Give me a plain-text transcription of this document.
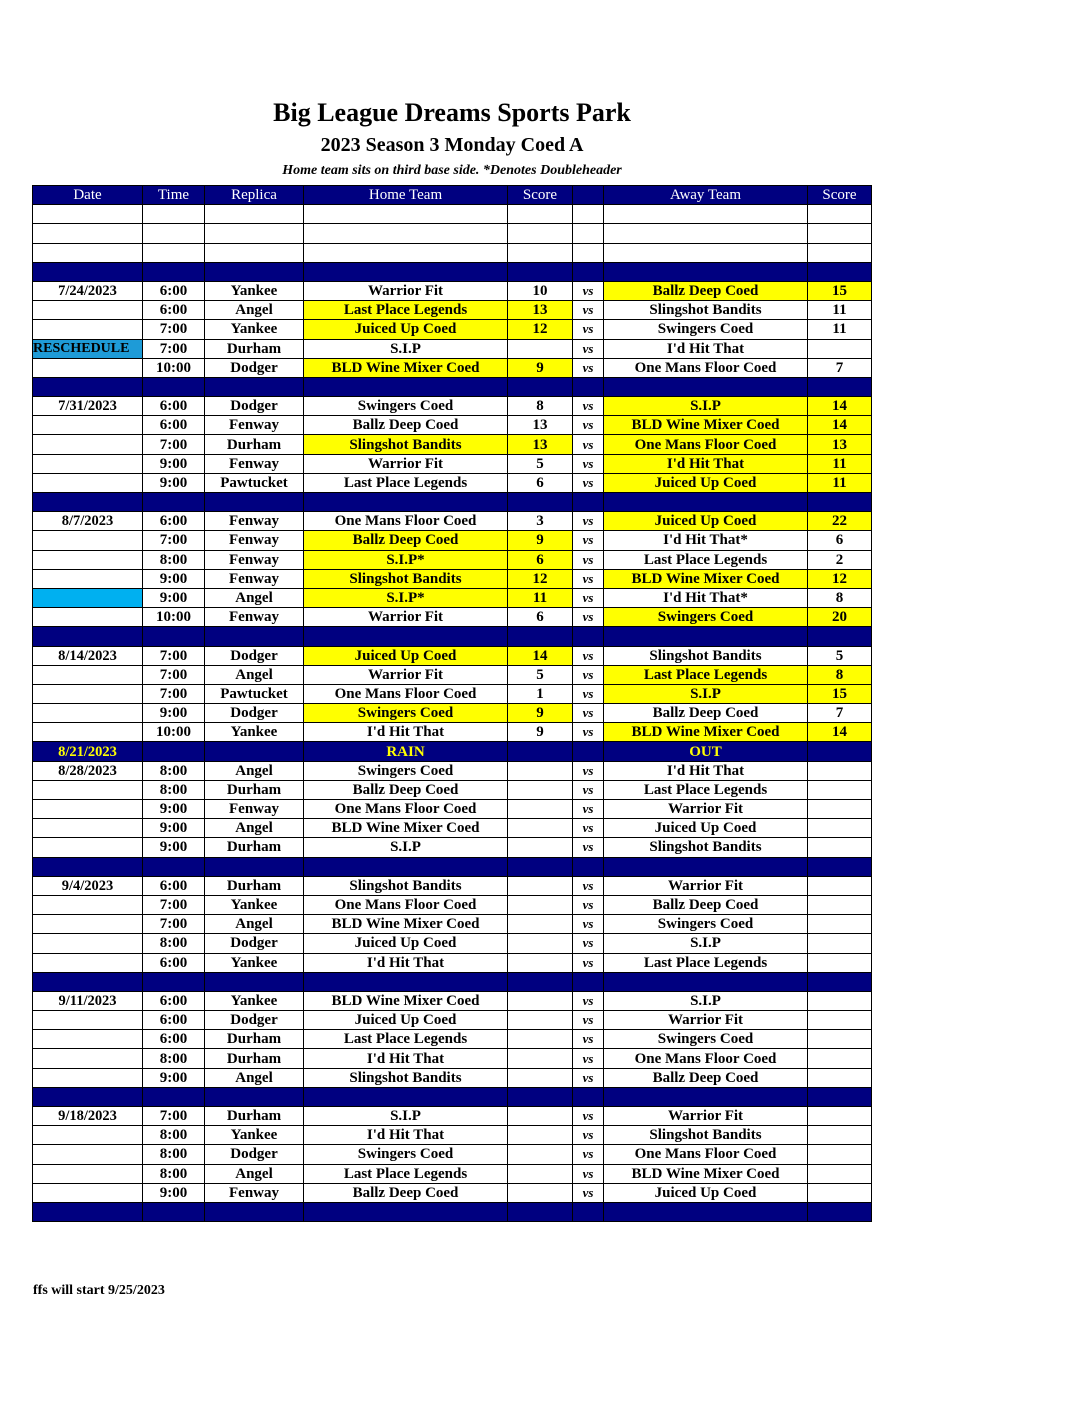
Big League Dreams Sports Park
2023 Season 3 Monday Coed A
Home team sits on third base side. *Denotes Doubleheader
Date	Time	Replica	Home Team	Score		Away Team	Score

7/24/2023	6:00	Yankee	Warrior Fit	10	vs	Ballz Deep Coed	15
	6:00	Angel	Last Place Legends	13	vs	Slingshot Bandits	11
	7:00	Yankee	Juiced Up Coed	12	vs	Swingers Coed	11
RESCHEDULE	7:00	Durham	S.I.P		vs	I'd Hit That	
	10:00	Dodger	BLD Wine Mixer Coed	9	vs	One Mans Floor Coed	7

7/31/2023	6:00	Dodger	Swingers Coed	8	vs	S.I.P	14
	6:00	Fenway	Ballz Deep Coed	13	vs	BLD Wine Mixer Coed	14
	7:00	Durham	Slingshot Bandits	13	vs	One Mans Floor Coed	13
	9:00	Fenway	Warrior Fit	5	vs	I'd Hit That	11
	9:00	Pawtucket	Last Place Legends	6	vs	Juiced Up Coed	11

8/7/2023	6:00	Fenway	One Mans Floor Coed	3	vs	Juiced Up Coed	22
	7:00	Fenway	Ballz Deep Coed	9	vs	I'd Hit That*	6
	8:00	Fenway	S.I.P*	6	vs	Last Place Legends	2
	9:00	Fenway	Slingshot Bandits	12	vs	BLD Wine Mixer Coed	12
	9:00	Angel	S.I.P*	11	vs	I'd Hit That*	8
	10:00	Fenway	Warrior Fit	6	vs	Swingers Coed	20

8/14/2023	7:00	Dodger	Juiced Up Coed	14	vs	Slingshot Bandits	5
	7:00	Angel	Warrior Fit	5	vs	Last Place Legends	8
	7:00	Pawtucket	One Mans Floor Coed	1	vs	S.I.P	15
	9:00	Dodger	Swingers Coed	9	vs	Ballz Deep Coed	7
	10:00	Yankee	I'd Hit That	9	vs	BLD Wine Mixer Coed	14
8/21/2023			RAIN			OUT	
8/28/2023	8:00	Angel	Swingers Coed		vs	I'd Hit That	
	8:00	Durham	Ballz Deep Coed		vs	Last Place Legends	
	9:00	Fenway	One Mans Floor Coed		vs	Warrior Fit	
	9:00	Angel	BLD Wine Mixer Coed		vs	Juiced Up Coed	
	9:00	Durham	S.I.P		vs	Slingshot Bandits	

9/4/2023	6:00	Durham	Slingshot Bandits		vs	Warrior Fit	
	7:00	Yankee	One Mans Floor Coed		vs	Ballz Deep Coed	
	7:00	Angel	BLD Wine Mixer Coed		vs	Swingers Coed	
	8:00	Dodger	Juiced Up Coed		vs	S.I.P	
	6:00	Yankee	I'd Hit That		vs	Last Place Legends	

9/11/2023	6:00	Yankee	BLD Wine Mixer Coed		vs	S.I.P	
	6:00	Dodger	Juiced Up Coed		vs	Warrior Fit	
	6:00	Durham	Last Place Legends		vs	Swingers Coed	
	8:00	Durham	I'd Hit That		vs	One Mans Floor Coed	
	9:00	Angel	Slingshot Bandits		vs	Ballz Deep Coed	

9/18/2023	7:00	Durham	S.I.P		vs	Warrior Fit	
	8:00	Yankee	I'd Hit That		vs	Slingshot Bandits	
	8:00	Dodger	Swingers Coed		vs	One Mans Floor Coed	
	8:00	Angel	Last Place Legends		vs	BLD Wine Mixer Coed	
	9:00	Fenway	Ballz Deep Coed		vs	Juiced Up Coed	

ffs will start 9/25/2023
